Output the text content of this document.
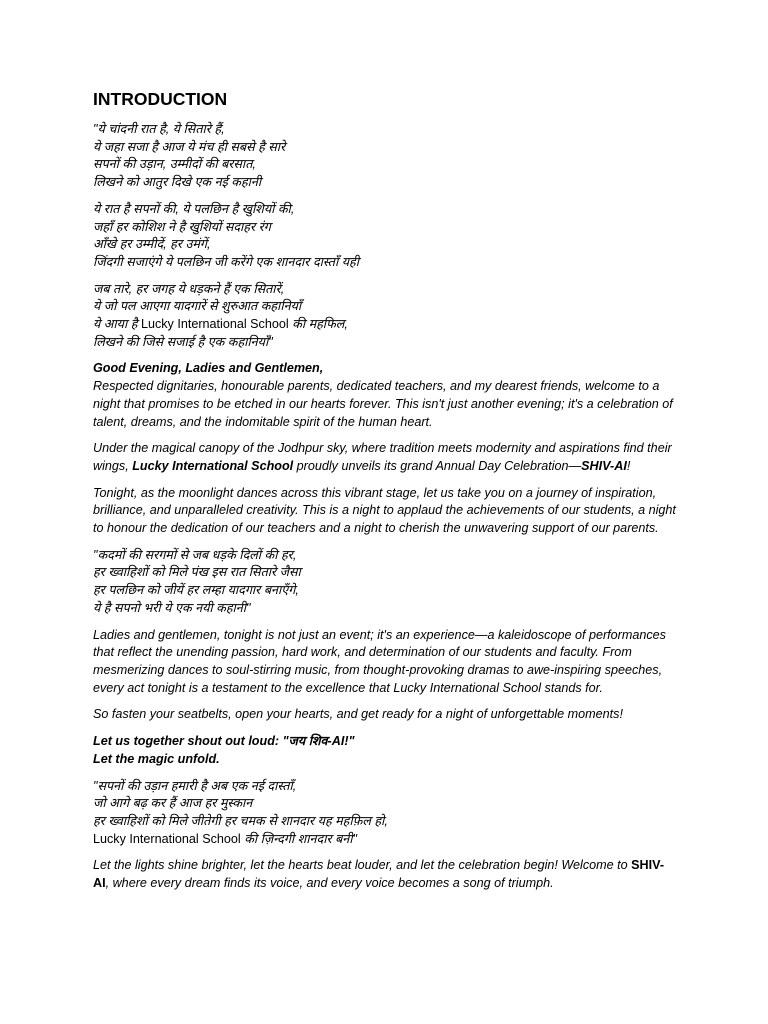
INTRODUCTION
"ये चांदनी रात है, ये सितारे हैं,
ये जहा सजा है आज ये मंच ही सबसे है सारे
सपनों की उड़ान, उम्मीदों की बरसात,
लिखने को आतुर दिखे एक नई कहानी
ये रात है सपनों की, ये पलछिन है खुशियों की,
जहाँ हर कोशिश ने है खुशियों सदाहर रंग
आँखे हर उम्मीदें, हर उमंगें,
जिंदगी सजाएंगे ये पलछिन जी करेंगे एक शानदार दास्ताँ यही
जब तारे, हर जगह ये धड़कने हैं एक सितारें,
ये जो पल आएगा यादगारें से शुरुआत कहानियाँ
ये आया है Lucky International School की महफिल,
लिखने की जिसे सजाई है एक कहानियाँ"
Good Evening, Ladies and Gentlemen,
Respected dignitaries, honourable parents, dedicated teachers, and my dearest friends, welcome to a night that promises to be etched in our hearts forever. This isn't just another evening; it's a celebration of talent, dreams, and the indomitable spirit of the human heart.
Under the magical canopy of the Jodhpur sky, where tradition meets modernity and aspirations find their wings, Lucky International School proudly unveils its grand Annual Day Celebration—SHIV-AI!
Tonight, as the moonlight dances across this vibrant stage, let us take you on a journey of inspiration, brilliance, and unparalleled creativity. This is a night to applaud the achievements of our students, a night to honour the dedication of our teachers and a night to cherish the unwavering support of our parents.
"कदमों की सरगमों से जब धड़के दिलों की हर,
हर ख्वाहिशों को मिले पंख इस रात सितारे जैसा
हर पलछिन को जीयें हर लम्हा यादगार बनाएँगे,
ये है सपनो भरी ये एक नयी कहानी"
Ladies and gentlemen, tonight is not just an event; it's an experience—a kaleidoscope of performances that reflect the unending passion, hard work, and determination of our students and faculty. From mesmerizing dances to soul-stirring music, from thought-provoking dramas to awe-inspiring speeches, every act tonight is a testament to the excellence that Lucky International School stands for.
So fasten your seatbelts, open your hearts, and get ready for a night of unforgettable moments!
Let us together shout out loud: "जय शिव-AI!"
Let the magic unfold.
"सपनों की उड़ान हमारी है अब एक नई दास्ताँ,
जो आगे बढ़ कर हैं आज हर मुस्कान
हर ख्वाहिशों को मिले जीतेगी हर चमक से शानदार यह महफ़िल हो,
Lucky International School की ज़िन्दगी शानदार बनी"
Let the lights shine brighter, let the hearts beat louder, and let the celebration begin! Welcome to SHIV-AI, where every dream finds its voice, and every voice becomes a song of triumph.
